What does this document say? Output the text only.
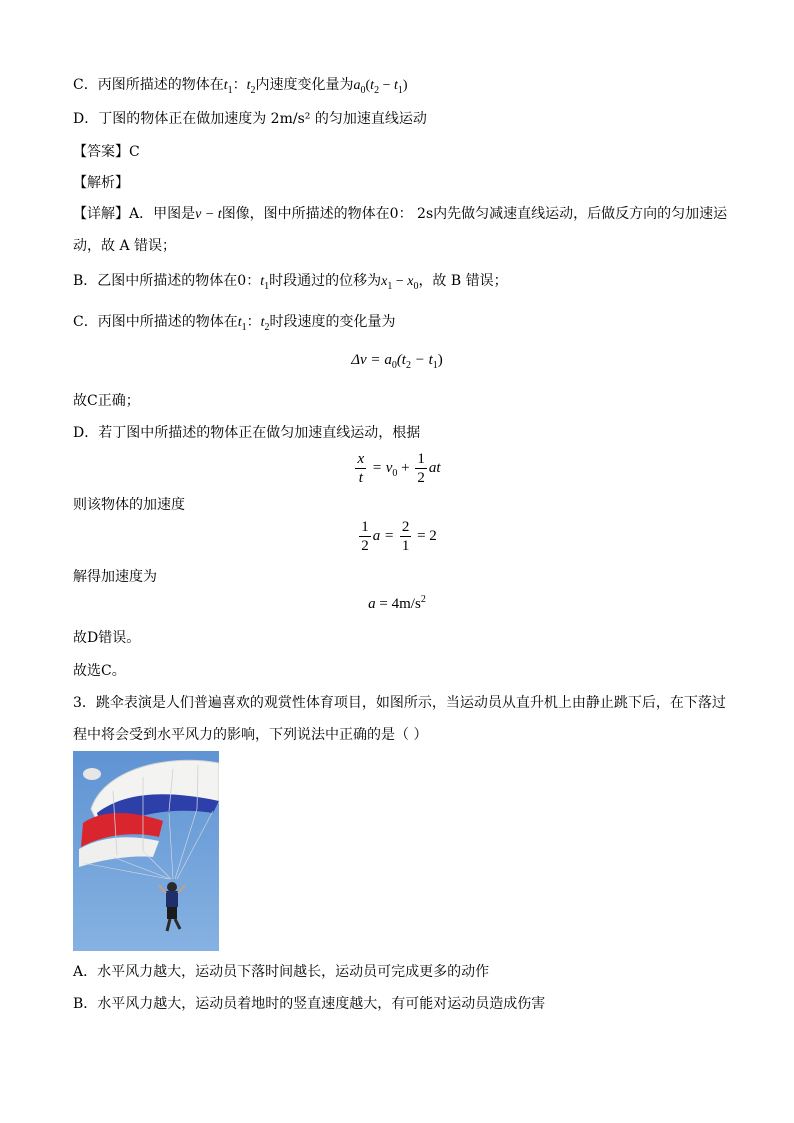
C．丙图所描述的物体在$t_1$：$t_2$内速度变化量为$a_0(t_2 - t_1)$
D．丁图的物体正在做加速度为 2m/s² 的匀加速直线运动
【答案】C
【解析】
【详解】A．甲图是v − t图像，图中所描述的物体在0： 2s内先做匀减速直线运动，后做反方向的匀加速运
动，故 A 错误；
B．乙图中所描述的物体在0：$t_1$时段通过的位移为$x_1 - x_0$，故 B 错误；
C．丙图中所描述的物体在$t_1$：$t_2$时段速度的变化量为
$\Delta v = a_0(t_2 - t_1)$
故C正确；
D．若丁图中所描述的物体正在做匀加速直线运动，根据
$\frac{x}{t} = v_0 + \frac{1}{2}$ at
则该物体的加速度
$\frac{1}{2}$ $a = \frac{2}{1} = 2$
解得加速度为
$a = 4m/s^2$
故D错误。
故选C。
3．跳伞表演是人们普遍喜欢的观赏性体育项目，如图所示，当运动员从直升机上由静止跳下后，在下落过
程中将会受到水平风力的影响，下列说法中正确的是（ ）
A．水平风力越大，运动员下落时间越长，运动员可完成更多的动作
B．水平风力越大，运动员着地时的竖直速度越大，有可能对运动员造成伤害
